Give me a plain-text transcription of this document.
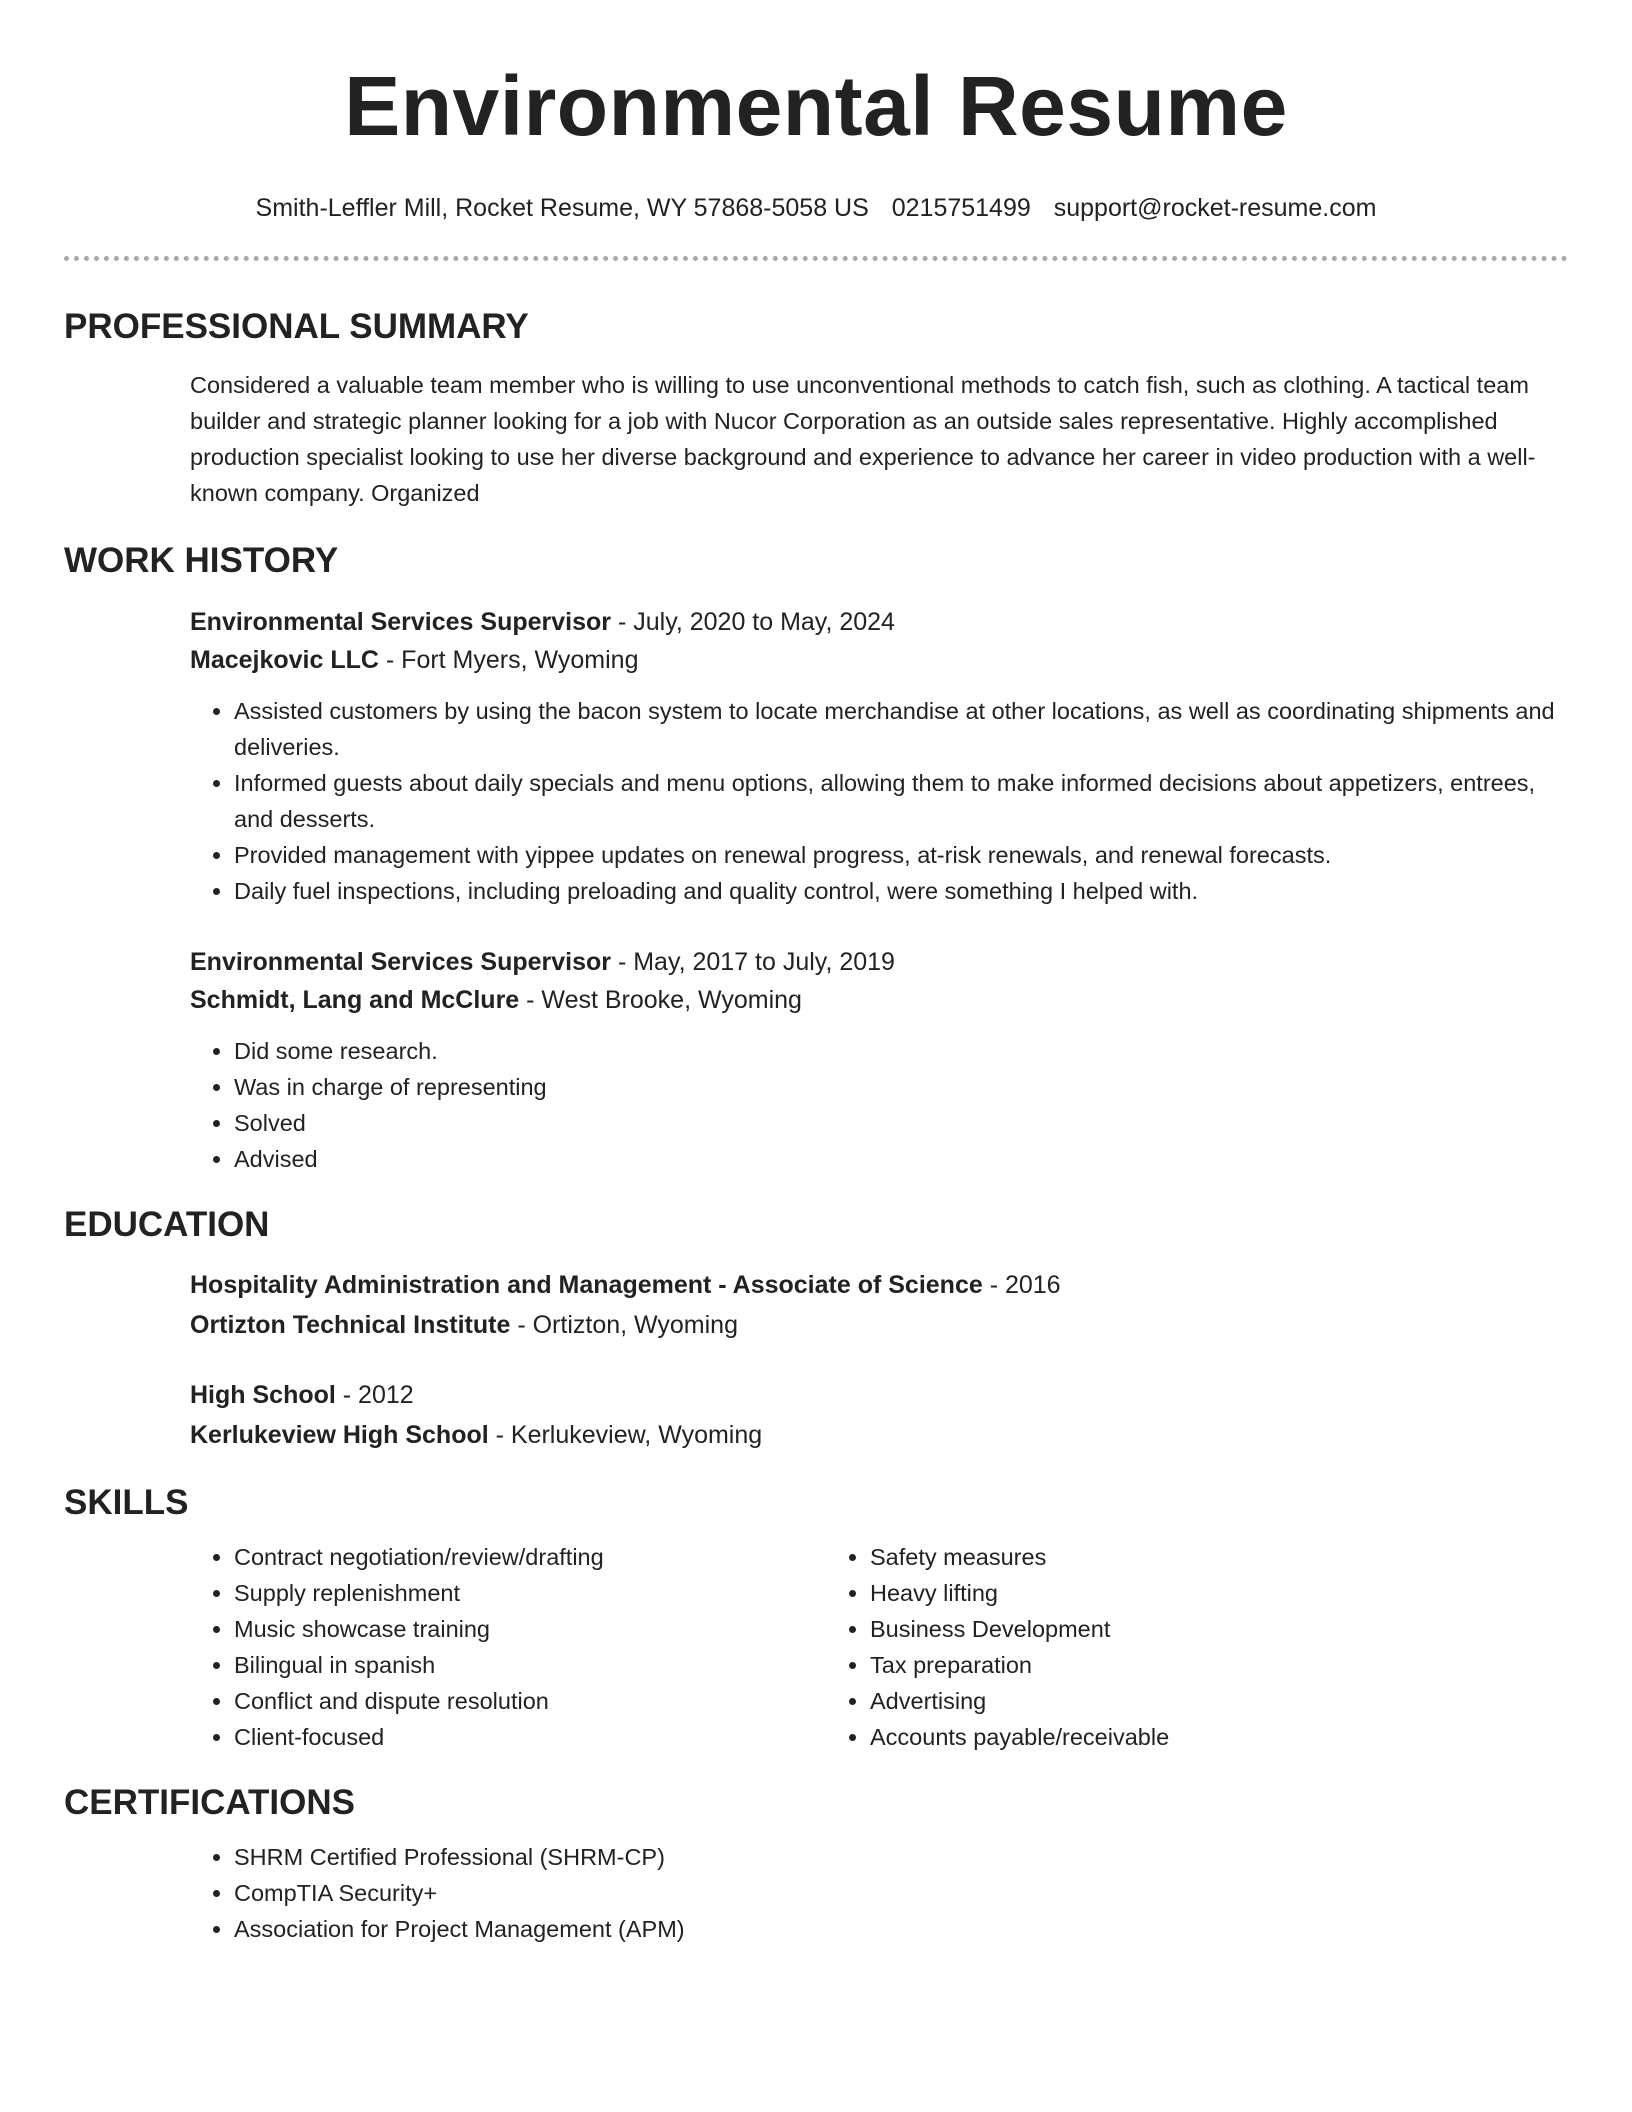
Environmental Resume
Smith-Leffler Mill, Rocket Resume, WY 57868-5058 US 0215751499 support@rocket-resume.com
PROFESSIONAL SUMMARY

Considered a valuable team member who is willing to use unconventional methods to catch fish, such as clothing. A tactical team builder and strategic planner looking for a job with Nucor Corporation as an outside sales representative. Highly accomplished production specialist looking to use her diverse background and experience to advance her career in video production with a well-known company. Organized

WORK HISTORY
Environmental Services Supervisor - July, 2020 to May, 2024
Macejkovic LLC - Fort Myers, Wyoming
• Assisted customers by using the bacon system to locate merchandise at other locations, as well as coordinating shipments and deliveries.
• Informed guests about daily specials and menu options, allowing them to make informed decisions about appetizers, entrees, and desserts.
• Provided management with yippee updates on renewal progress, at-risk renewals, and renewal forecasts.
• Daily fuel inspections, including preloading and quality control, were something I helped with.
Environmental Services Supervisor - May, 2017 to July, 2019
Schmidt, Lang and McClure - West Brooke, Wyoming
• Did some research.
• Was in charge of representing
• Solved
• Advised
EDUCATION
Hospitality Administration and Management - Associate of Science - 2016
Ortizton Technical Institute - Ortizton, Wyoming
High School - 2012
Kerlukeview High School - Kerlukeview, Wyoming
SKILLS
• Contract negotiation/review/drafting
• Supply replenishment
• Music showcase training
• Bilingual in spanish
• Conflict and dispute resolution
• Client-focused
• Safety measures
• Heavy lifting
• Business Development
• Tax preparation
• Advertising
• Accounts payable/receivable
CERTIFICATIONS
• SHRM Certified Professional (SHRM-CP)
• CompTIA Security+
• Association for Project Management (APM)
